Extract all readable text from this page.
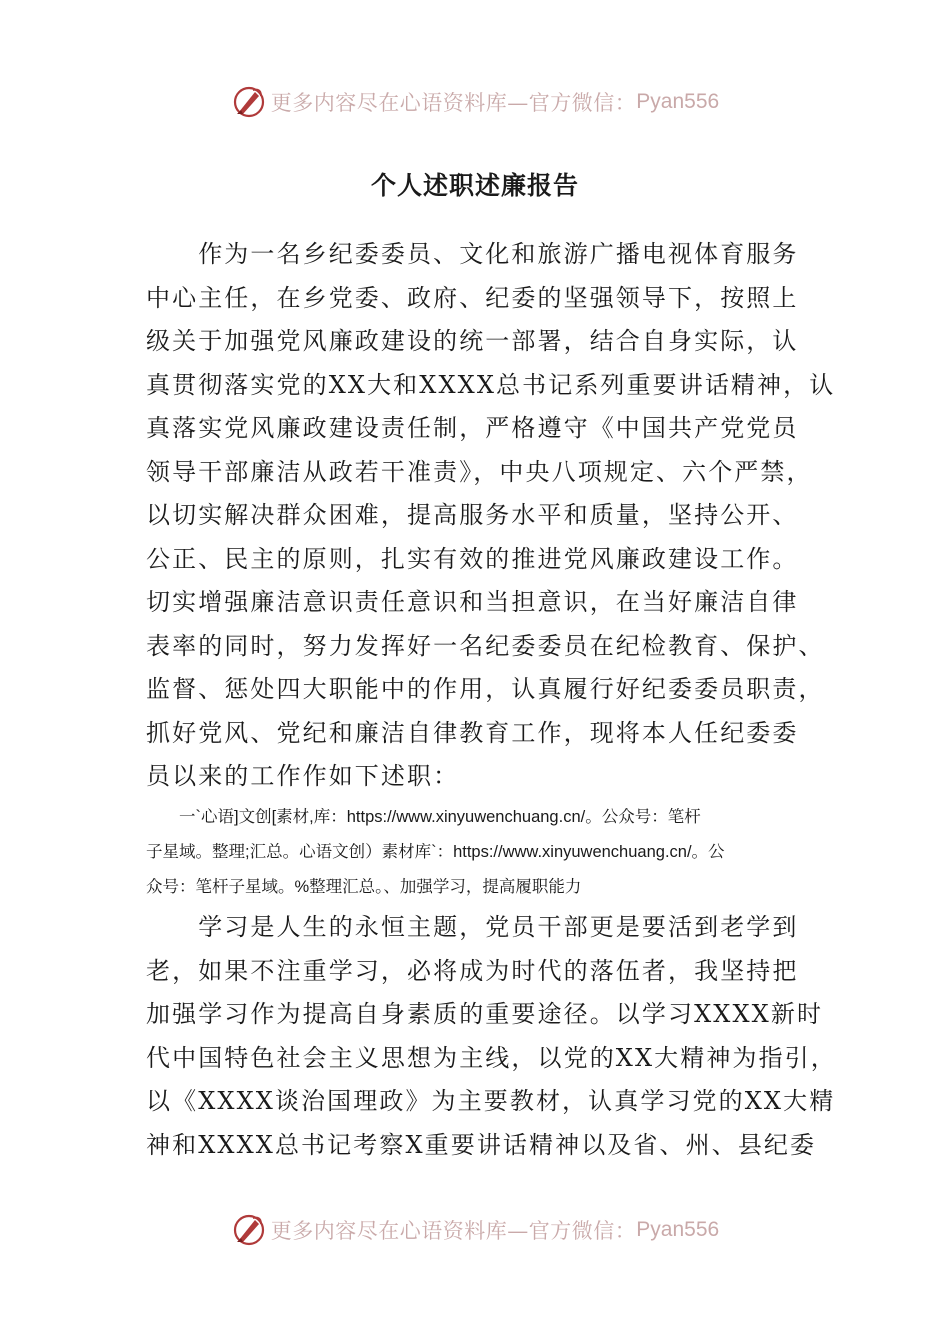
更多内容尽在心语资料库—官方微信： Pyan556
个人述职述廉报告
　　作为一名乡纪委委员、文化和旅游广播电视体育服务
中心主任，在乡党委、政府、纪委的坚强领导下，按照上
级关于加强党风廉政建设的统一部署，结合自身实际，认
真贯彻落实党的XX大和XXXX总书记系列重要讲话精神，认
真落实党风廉政建设责任制，严格遵守《中国共产党党员
领导干部廉洁从政若干准责》，中央八项规定、六个严禁，
以切实解决群众困难，提高服务水平和质量，坚持公开、
公正、民主的原则，扎实有效的推进党风廉政建设工作。
切实增强廉洁意识责任意识和当担意识，在当好廉洁自律
表率的同时，努力发挥好一名纪委委员在纪检教育、保护、
监督、惩处四大职能中的作用，认真履行好纪委委员职责，
抓好党风、党纪和廉洁自律教育工作，现将本人任纪委委
员以来的工作作如下述职：
　　一`心语]文创[素材,库：https://www.xinyuwenchuang.cn/。公众号：笔杆
子星域。整理;汇总。心语文创）素材库`：https://www.xinyuwenchuang.cn/。公
众号：笔杆子星域。%整理汇总。、加强学习，提高履职能力
　　学习是人生的永恒主题，党员干部更是要活到老学到
老，如果不注重学习，必将成为时代的落伍者，我坚持把
加强学习作为提高自身素质的重要途径。以学习XXXX新时
代中国特色社会主义思想为主线，以党的XX大精神为指引，
以《XXXX谈治国理政》为主要教材，认真学习党的XX大精
神和XXXX总书记考察X重要讲话精神以及省、州、县纪委
更多内容尽在心语资料库—官方微信： Pyan556
